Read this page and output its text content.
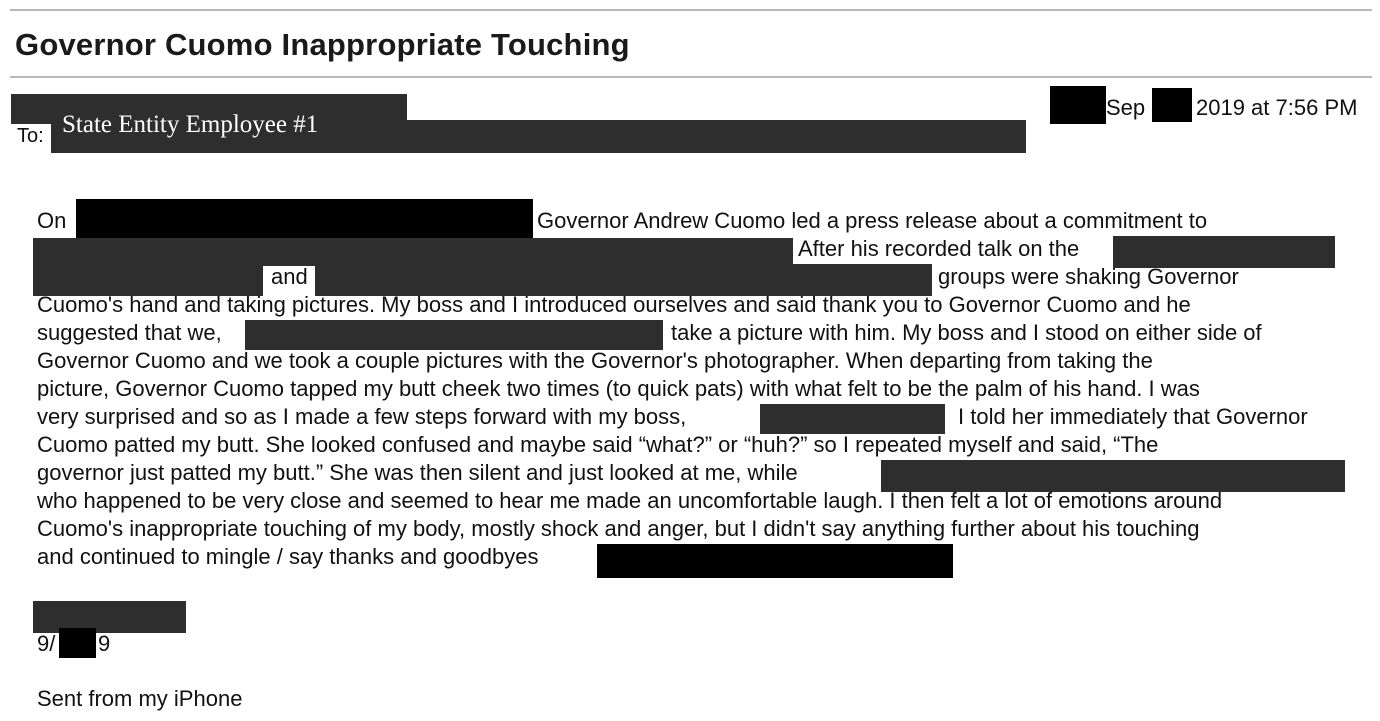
Governor Cuomo Inappropriate Touching
To: State Entity Employee #1
Sep 2019 at 7:56 PM
On	Governor Andrew Cuomo led a press release about a commitment to
After his recorded talk on the
and	groups were shaking Governor
Cuomo's hand and taking pictures. My boss and I introduced ourselves and said thank you to Governor Cuomo and he
suggested that we,	take a picture with him. My boss and I stood on either side of
Governor Cuomo and we took a couple pictures with the Governor's photographer. When departing from taking the
picture, Governor Cuomo tapped my butt cheek two times (to quick pats) with what felt to be the palm of his hand. I was
very surprised and so as I made a few steps forward with my boss,	I told her immediately that Governor
Cuomo patted my butt. She looked confused and maybe said “what?” or “huh?” so I repeated myself and said, “The
governor just patted my butt.” She was then silent and just looked at me, while
who happened to be very close and seemed to hear me made an uncomfortable laugh. I then felt a lot of emotions around
Cuomo's inappropriate touching of my body, mostly shock and anger, but I didn't say anything further about his touching
and continued to mingle / say thanks and goodbyes
9/ 9
Sent from my iPhone
